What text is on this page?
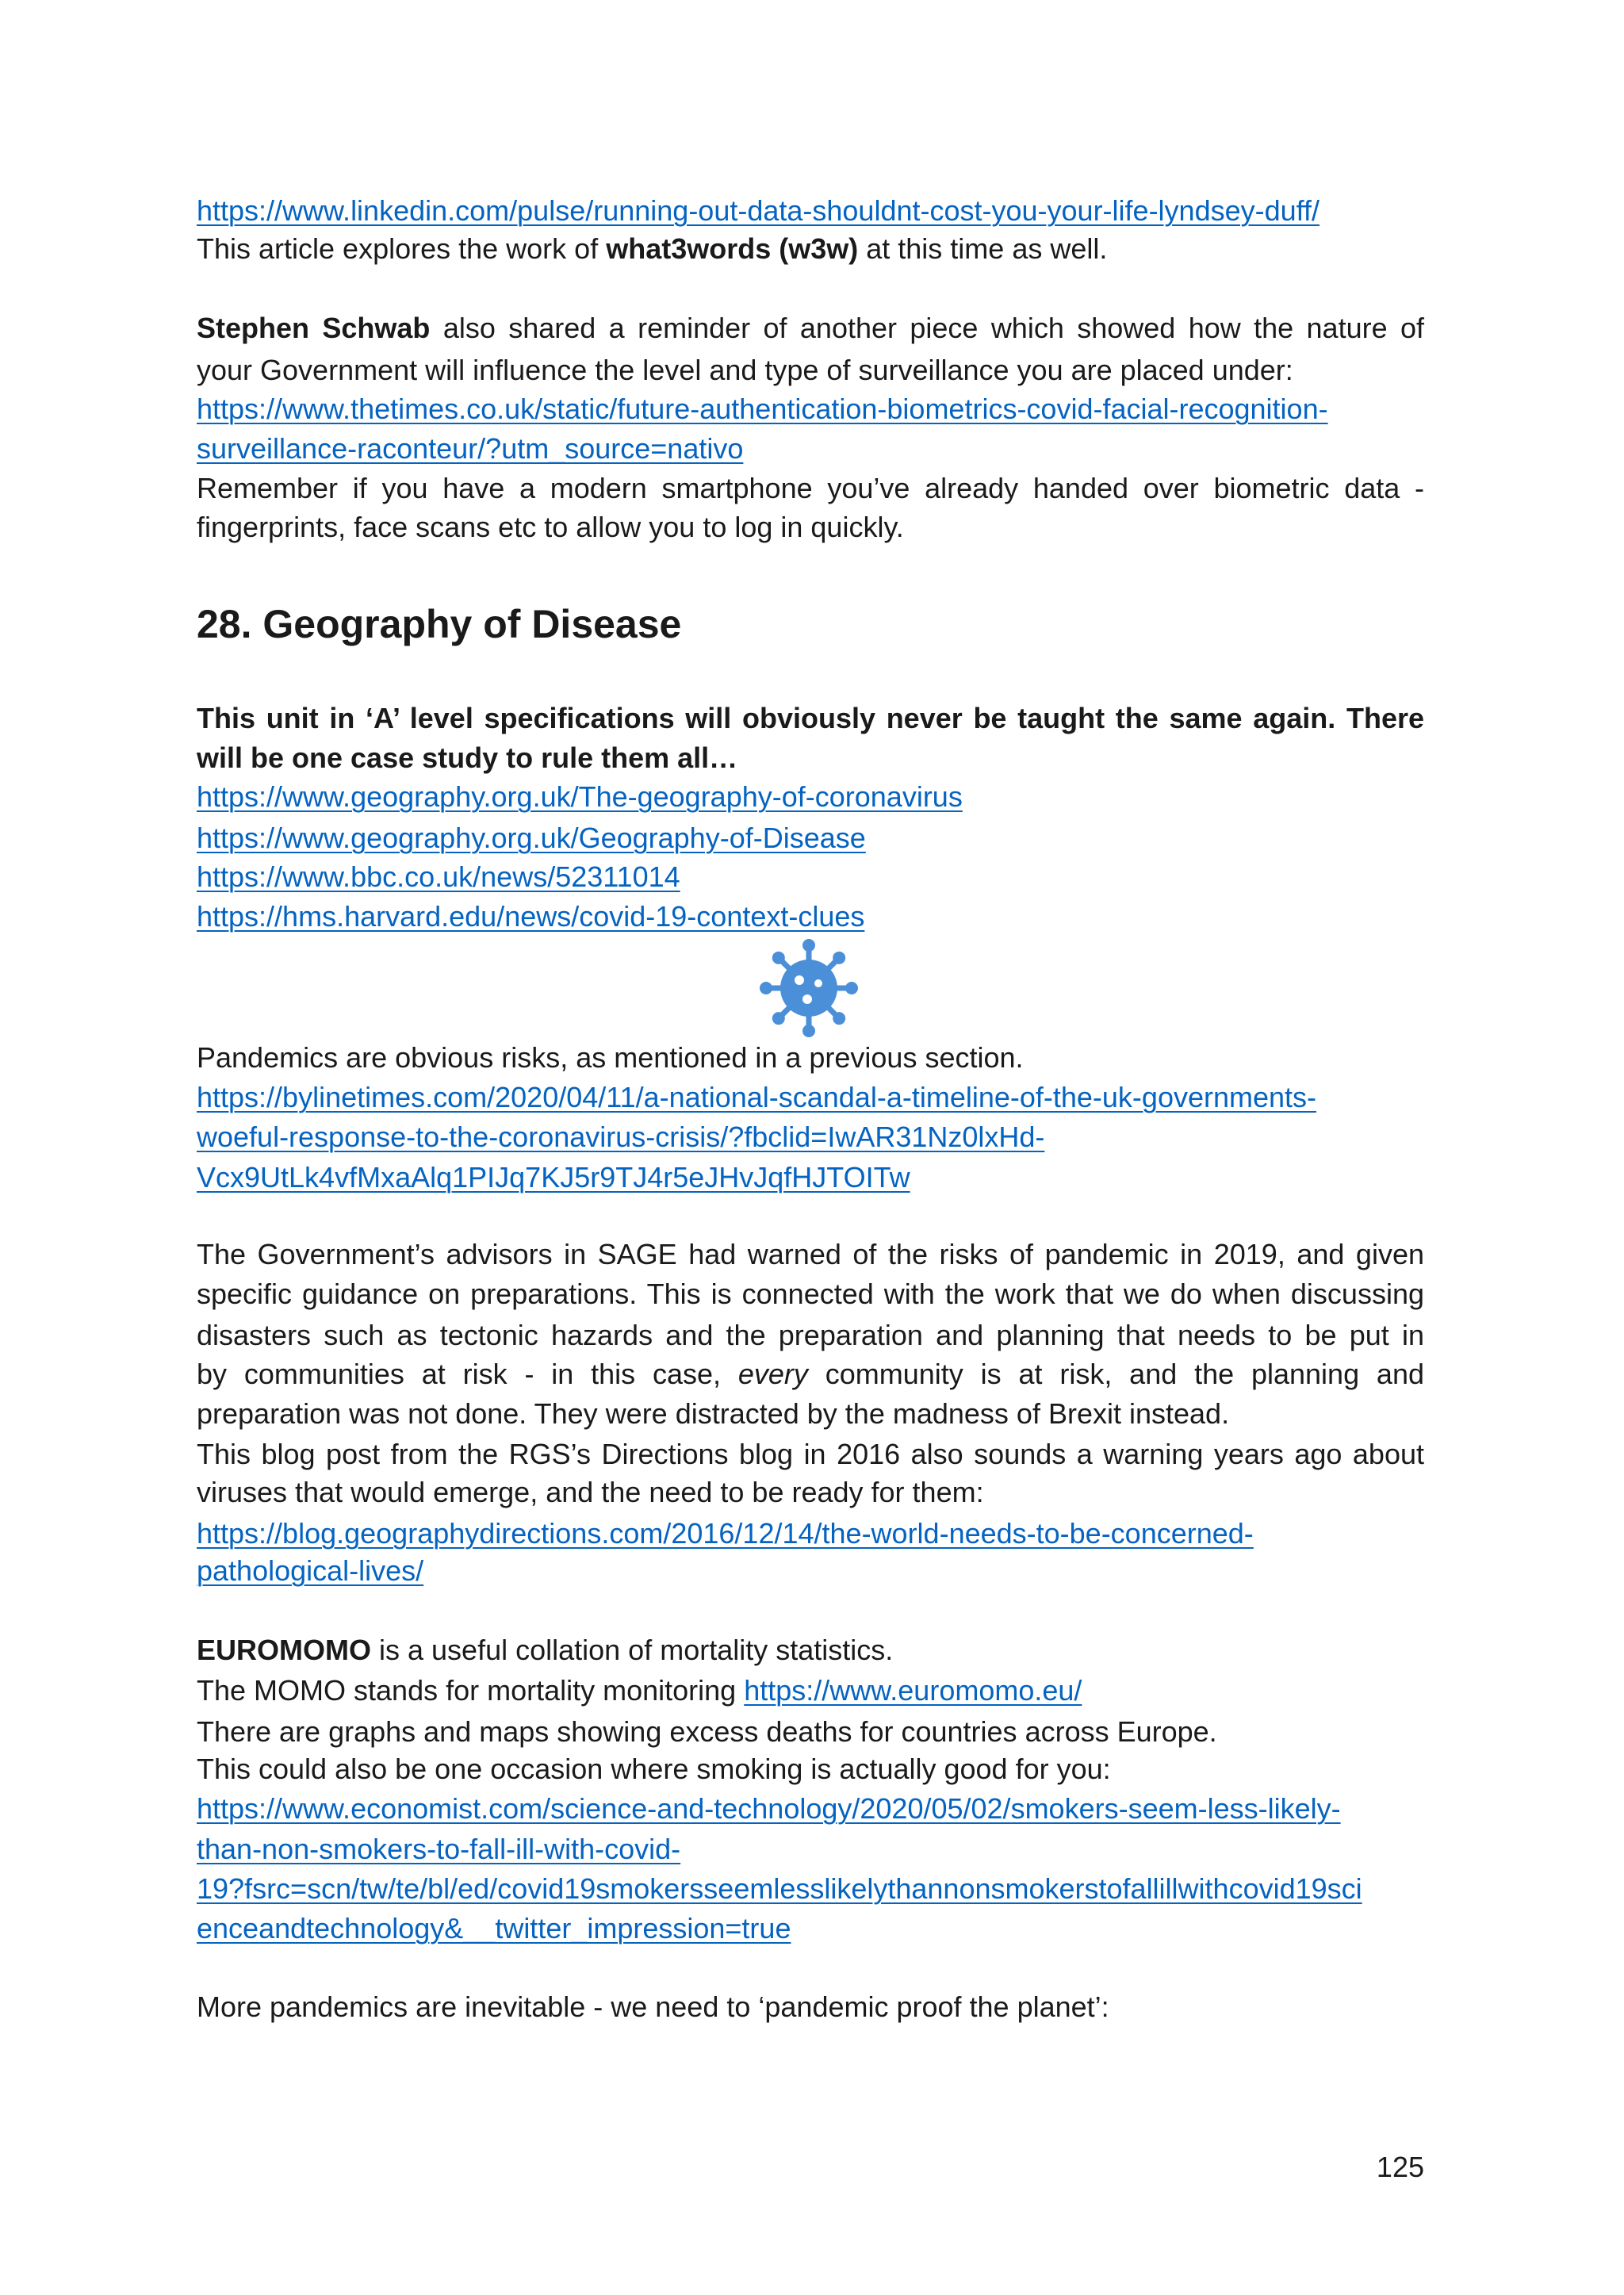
https://www.linkedin.com/pulse/running-out-data-shouldnt-cost-you-your-life-lyndsey-duff/
This article explores the work of what3words (w3w) at this time as well.
Stephen Schwab also shared a reminder of another piece which showed how the nature of
your Government will influence the level and type of surveillance you are placed under:
https://www.thetimes.co.uk/static/future-authentication-biometrics-covid-facial-recognition-
surveillance-raconteur/?utm_source=nativo
Remember if you have a modern smartphone you’ve already handed over biometric data -
fingerprints, face scans etc to allow you to log in quickly.
28. Geography of Disease
This unit in ‘A’ level specifications will obviously never be taught the same again. There
will be one case study to rule them all…
https://www.geography.org.uk/The-geography-of-coronavirus
https://www.geography.org.uk/Geography-of-Disease
https://www.bbc.co.uk/news/52311014
https://hms.harvard.edu/news/covid-19-context-clues
Pandemics are obvious risks, as mentioned in a previous section.
https://bylinetimes.com/2020/04/11/a-national-scandal-a-timeline-of-the-uk-governments-
woeful-response-to-the-coronavirus-crisis/?fbclid=IwAR31Nz0lxHd-
Vcx9UtLk4vfMxaAlq1PIJq7KJ5r9TJ4r5eJHvJqfHJTOITw
The Government’s advisors in SAGE had warned of the risks of pandemic in 2019, and given
specific guidance on preparations. This is connected with the work that we do when discussing
disasters such as tectonic hazards and the preparation and planning that needs to be put in
by communities at risk - in this case, every community is at risk, and the planning and
preparation was not done. They were distracted by the madness of Brexit instead.
This blog post from the RGS’s Directions blog in 2016 also sounds a warning years ago about
viruses that would emerge, and the need to be ready for them:
https://blog.geographydirections.com/2016/12/14/the-world-needs-to-be-concerned-
pathological-lives/
EUROMOMO is a useful collation of mortality statistics.
The MOMO stands for mortality monitoring https://www.euromomo.eu/
There are graphs and maps showing excess deaths for countries across Europe.
This could also be one occasion where smoking is actually good for you:
https://www.economist.com/science-and-technology/2020/05/02/smokers-seem-less-likely-
than-non-smokers-to-fall-ill-with-covid-
19?fsrc=scn/tw/te/bl/ed/covid19smokersseemlesslikelythannonsmokerstofallillwithcovid19sci
enceandtechnology&__twitter_impression=true
More pandemics are inevitable - we need to ‘pandemic proof the planet’:
125
